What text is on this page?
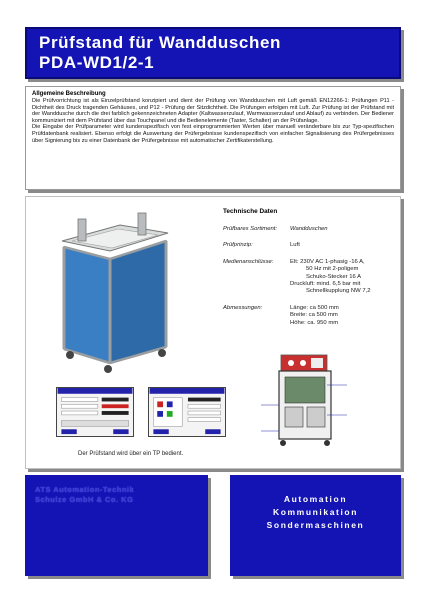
Prüfstand für Wandduschen
PDA-WD1/2-1
Allgemeine Beschreibung
Die Prüfvorrichtung ist als Einzelprüfstand konzipiert und dient der Prüfung von Wandduschen mit Luft gemäß EN12266-1: Prüfungen P11 - Dichtheit des Druck tragenden Gehäuses, und P12 - Prüfung der Sitzdichtheit. Die Prüfungen erfolgen mit Luft. Zur Prüfung ist der Prüfstand mit der Wanddusche durch die drei farblich gekennzeichneten Adapter (Kaltwasserzulauf, Warmwasserzulauf und Ablauf) zu verbinden. Der Bediener kommuniziert mit dem Prüfstand über das Touchpanel und die Bedienelemente (Taster, Schalter) an der Prüfanlage.
Die Eingabe der Prüfparameter wird kundenspezifisch von fest einprogrammierten Werten über manuell veränderbare bis zur Typ-spezifischen Prüfdatenbank realisiert. Ebenso erfolgt die Auswertung der Prüfergebnisse kundenspezifisch von einfacher Signalisierung des Prüfergebnisses über Signierung bis zu einer Datenbank der Prüfergebnisse mit automatischer Zertifikaterstellung.
Technische Daten
Prüfbares Sortiment:	Wandduschen
Prüfprinzip:	Luft
Medienanschlüsse:	Elt: 230V AC 1-phasig -16 A,
50 Hz mit 2-poligem
Schuko-Stecker 16 A
Druckluft: mind. 6,5 bar mit
Schnellkupplung NW 7,2
Abmessungen:	Länge: ca 500 mm
Breite: ca 500 mm
Höhe: ca. 950 mm
Der Prüfstand wird über ein TP bedient.
ATS Automation-Technik
Schulze GmbH & Co. KG	Automation
Kommunikation
Sondermaschinen
